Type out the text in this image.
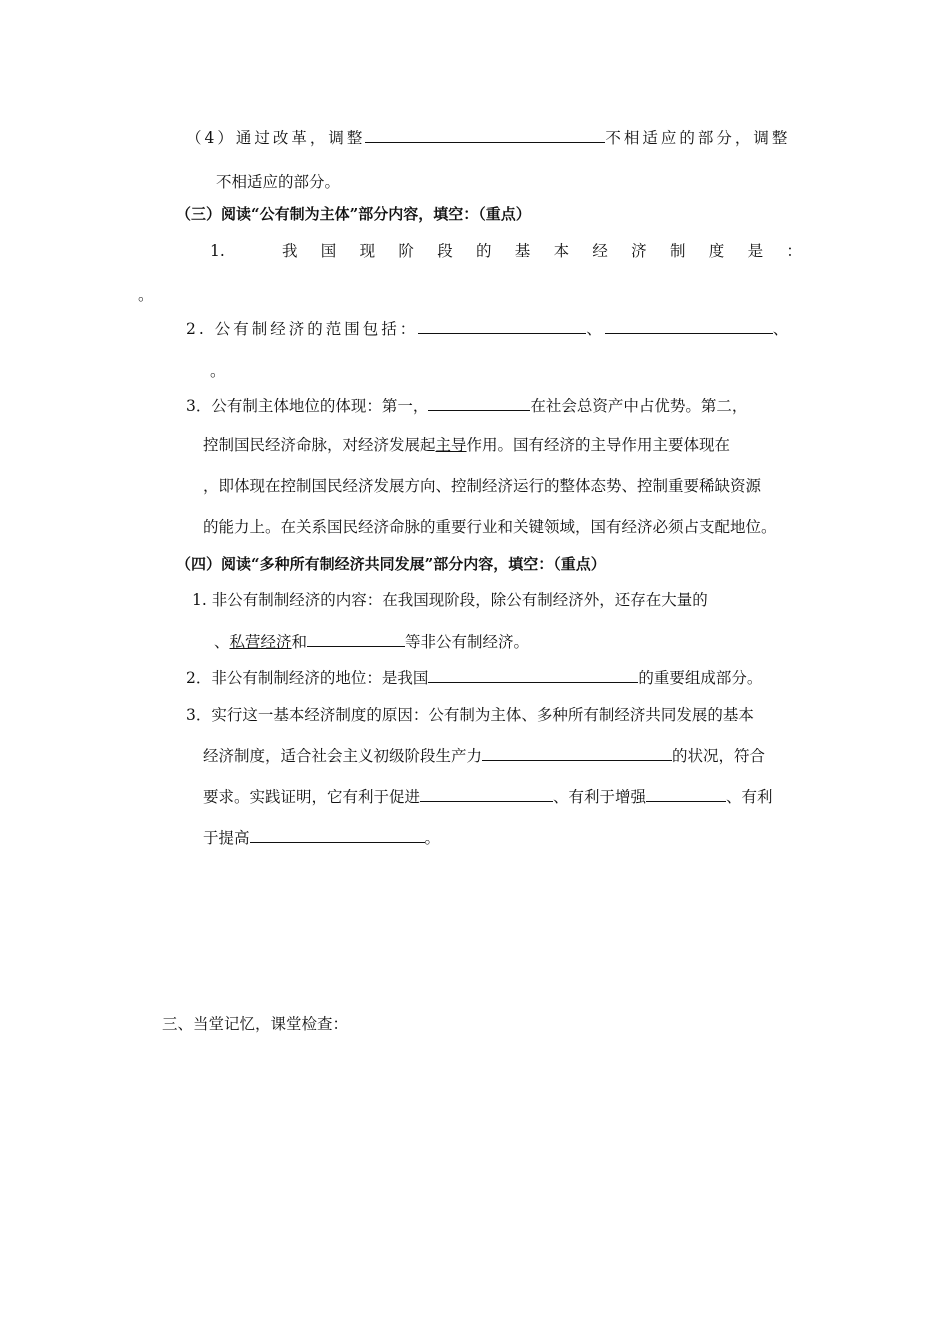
（4）通过改革，调整	不相适应的部分，调整
不相适应的部分。
（三）阅读“公有制为主体”部分内容，填空：（重点）
1.	我 国 现 阶 段 的 基 本 经 济 制 度 是 ：
。
2. 公有制经济的范围包括：	、	、
。
3．公有制主体地位的体现：第一，	在社会总资产中占优势。第二，
控制国民经济命脉，对经济发展起主导作用。国有经济的主导作用主要体现在
，即体现在控制国民经济发展方向、控制经济运行的整体态势、控制重要稀缺资源
的能力上。在关系国民经济命脉的重要行业和关键领域，国有经济必须占支配地位。
（四）阅读“多种所有制经济共同发展”部分内容，填空：（重点）
1. 非公有制制经济的内容：在我国现阶段，除公有制经济外，还存在大量的
、私营经济和	等非公有制经济。
2．非公有制制经济的地位：是我国	的重要组成部分。
3．实行这一基本经济制度的原因：公有制为主体、多种所有制经济共同发展的基本
经济制度，适合社会主义初级阶段生产力	的状况，符合
要求。实践证明，它有利于促进	、有利于增强	、有利
于提高	。
三、当堂记忆，课堂检查：
